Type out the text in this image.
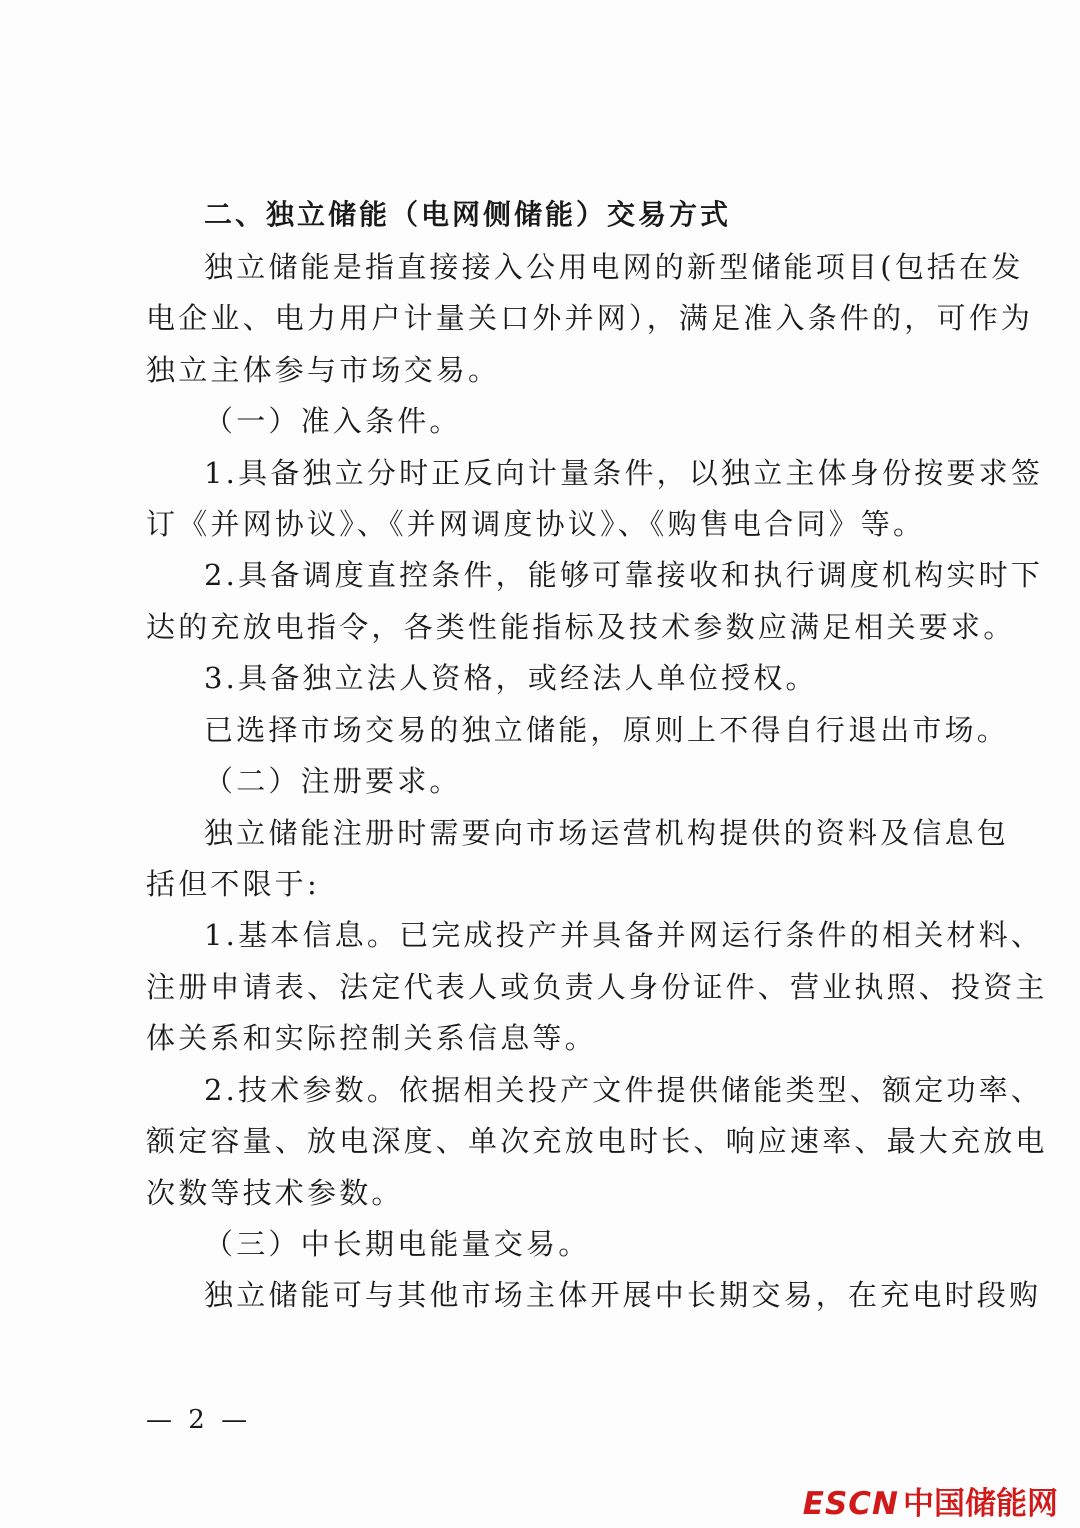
二、独立储能（电网侧储能）交易方式
独立储能是指直接接入公用电网的新型储能项目(包括在发
电企业、电力用户计量关口外并网），满足准入条件的，可作为
独立主体参与市场交易。
（一）准入条件。
1.具备独立分时正反向计量条件，以独立主体身份按要求签
订《并网协议》、《并网调度协议》、《购售电合同》等。
2.具备调度直控条件，能够可靠接收和执行调度机构实时下
达的充放电指令，各类性能指标及技术参数应满足相关要求。
3.具备独立法人资格，或经法人单位授权。
已选择市场交易的独立储能，原则上不得自行退出市场。
（二）注册要求。
独立储能注册时需要向市场运营机构提供的资料及信息包
括但不限于:
1.基本信息。已完成投产并具备并网运行条件的相关材料、
注册申请表、法定代表人或负责人身份证件、营业执照、投资主
体关系和实际控制关系信息等。
2.技术参数。依据相关投产文件提供储能类型、额定功率、
额定容量、放电深度、单次充放电时长、响应速率、最大充放电
次数等技术参数。
（三）中长期电能量交易。
独立储能可与其他市场主体开展中长期交易，在充电时段购
— 2 —
ESCN 中国储能网
